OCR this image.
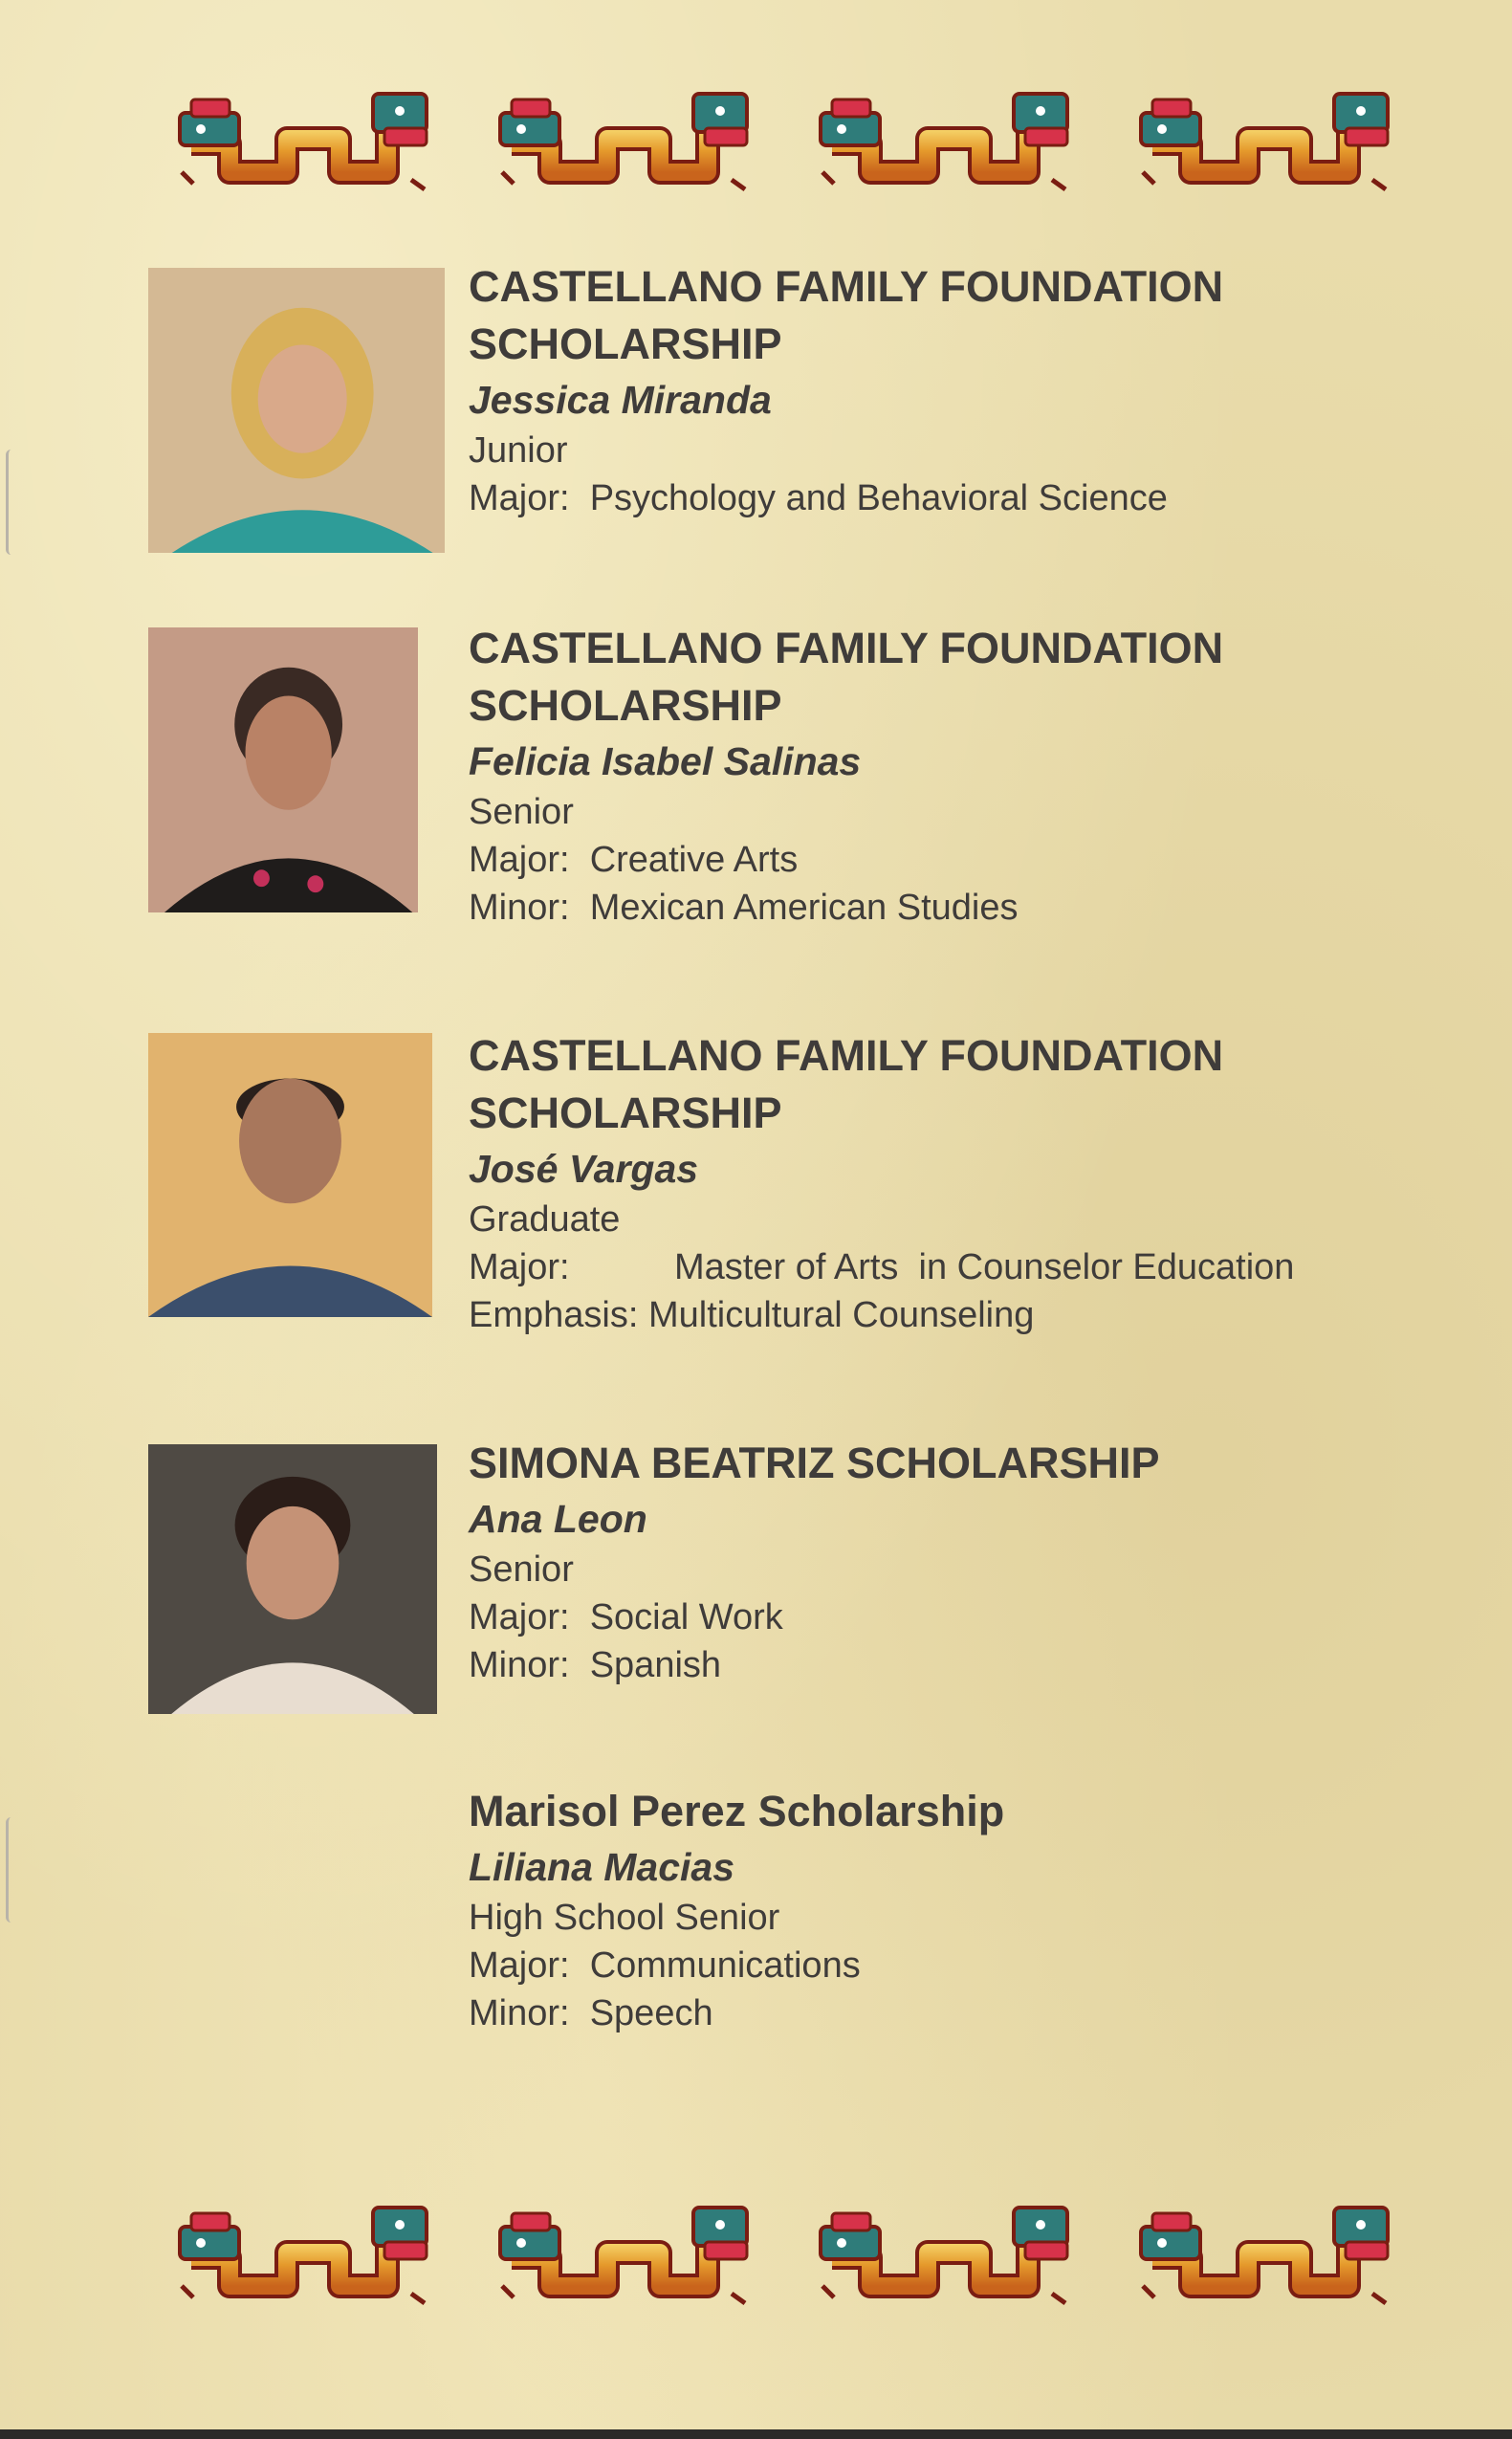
CASTELLANO FAMILY FOUNDATION
SCHOLARSHIP
Jessica Miranda
Junior
Major: Psychology and Behavioral Science
CASTELLANO FAMILY FOUNDATION
SCHOLARSHIP
Felicia Isabel Salinas
Senior
Major: Creative Arts
Minor: Mexican American Studies
CASTELLANO FAMILY FOUNDATION
SCHOLARSHIP
José Vargas
Graduate
Major:	Master of Arts  in Counselor Education
Emphasis: Multicultural Counseling
SIMONA BEATRIZ SCHOLARSHIP
Ana Leon
Senior
Major: Social Work
Minor: Spanish
Marisol Perez Scholarship
Liliana Macias
High School Senior
Major: Communications
Minor: Speech
